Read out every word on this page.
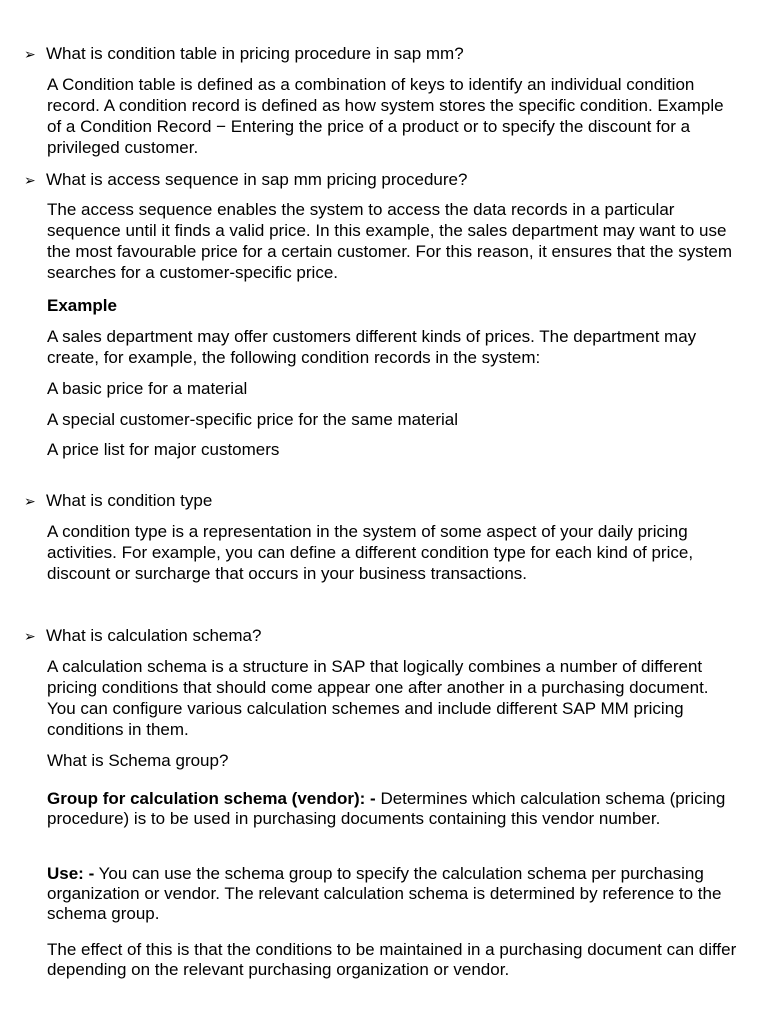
➢ What is condition table in pricing procedure in sap mm?

A Condition table is defined as a combination of keys to identify an individual condition record. A condition record is defined as how system stores the specific condition. Example of a Condition Record − Entering the price of a product or to specify the discount for a privileged customer.

➢ What is access sequence in sap mm pricing procedure?

The access sequence enables the system to access the data records in a particular sequence until it finds a valid price. In this example, the sales department may want to use the most favourable price for a certain customer. For this reason, it ensures that the system searches for a customer-specific price.

Example

A sales department may offer customers different kinds of prices. The department may create, for example, the following condition records in the system:

A basic price for a material

A special customer-specific price for the same material

A price list for major customers

➢ What is condition type

A condition type is a representation in the system of some aspect of your daily pricing activities. For example, you can define a different condition type for each kind of price, discount or surcharge that occurs in your business transactions.

➢ What is calculation schema?

A calculation schema is a structure in SAP that logically combines a number of different pricing conditions that should come appear one after another in a purchasing document. You can configure various calculation schemes and include different SAP MM pricing conditions in them.

What is Schema group?

Group for calculation schema (vendor): - Determines which calculation schema (pricing procedure) is to be used in purchasing documents containing this vendor number.

Use: - You can use the schema group to specify the calculation schema per purchasing organization or vendor. The relevant calculation schema is determined by reference to the schema group.

The effect of this is that the conditions to be maintained in a purchasing document can differ depending on the relevant purchasing organization or vendor.
